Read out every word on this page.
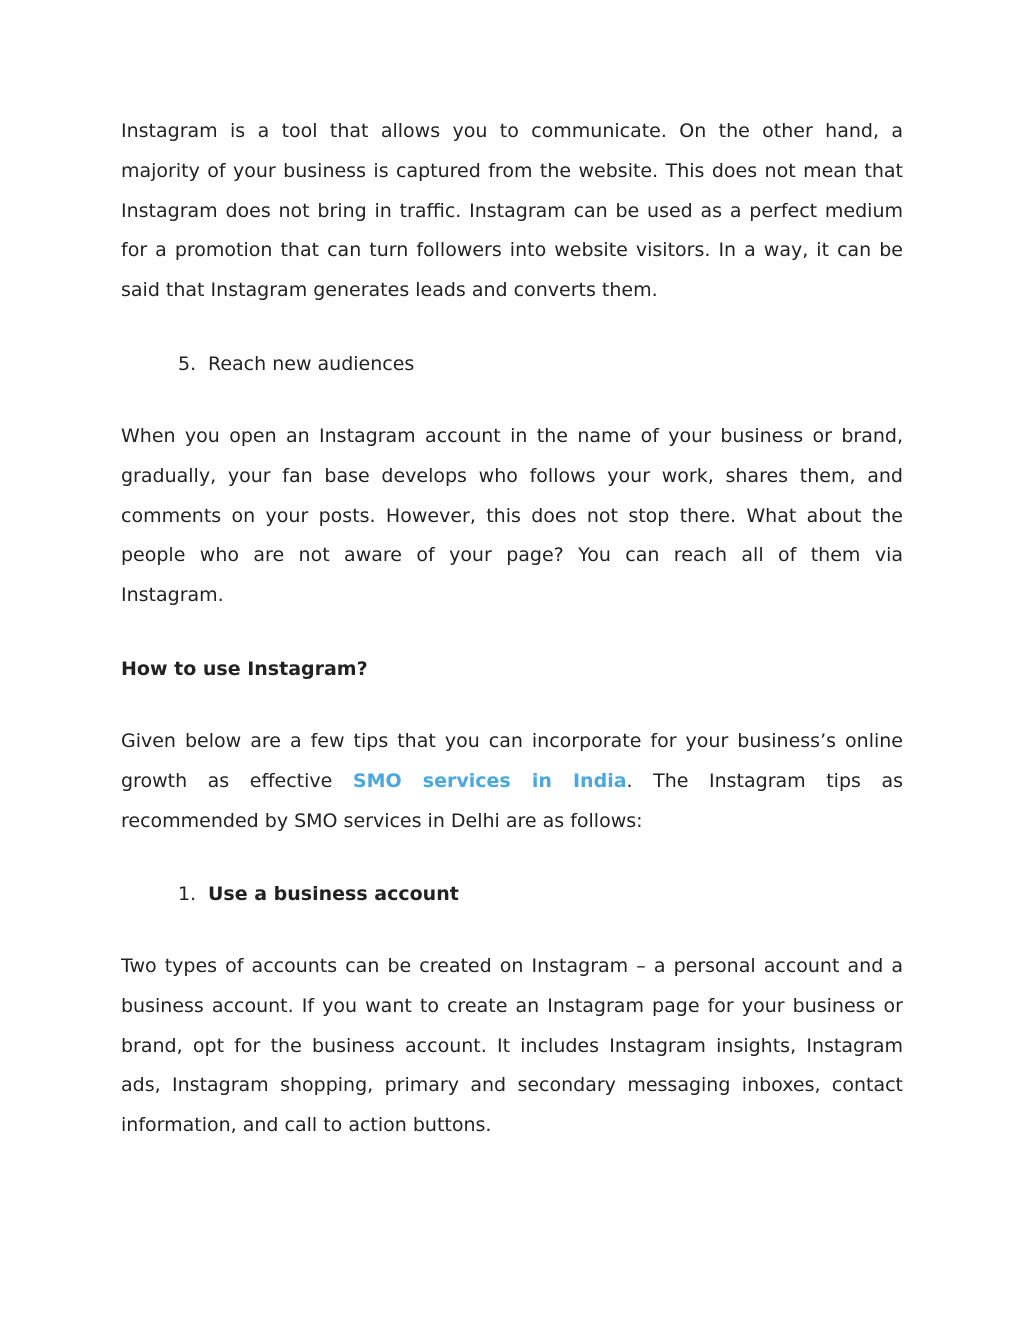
Instagram is a tool that allows you to communicate. On the other hand, a
majority of your business is captured from the website. This does not mean that
Instagram does not bring in traffic. Instagram can be used as a perfect medium
for a promotion that can turn followers into website visitors. In a way, it can be
said that Instagram generates leads and converts them.
5. Reach new audiences
When you open an Instagram account in the name of your business or brand,
gradually, your fan base develops who follows your work, shares them, and
comments on your posts. However, this does not stop there. What about the
people who are not aware of your page? You can reach all of them via
Instagram.
How to use Instagram?
Given below are a few tips that you can incorporate for your business’s online
growth as effective SMO services in India. The Instagram tips as
recommended by SMO services in Delhi are as follows:
1. Use a business account
Two types of accounts can be created on Instagram – a personal account and a
business account. If you want to create an Instagram page for your business or
brand, opt for the business account. It includes Instagram insights, Instagram
ads, Instagram shopping, primary and secondary messaging inboxes, contact
information, and call to action buttons.
